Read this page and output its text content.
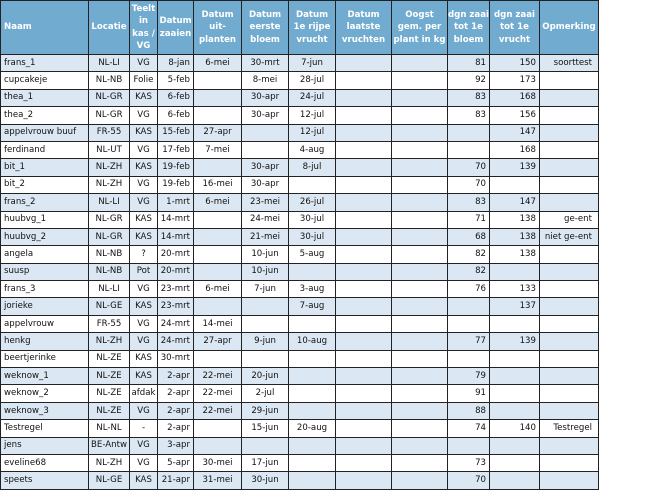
Naam	Locatie	Teelt in kas / VG	Datum zaaien	Datum uit-planten	Datum eerste bloem	Datum 1e rijpe vrucht	Datum laatste vruchten	Oogst gem. per plant in kg	dgn zaai tot 1e bloem	dgn zaai tot 1e vrucht	Opmerking
frans_1	NL-LI	VG	8-jan	6-mei	30-mrt	7-jun			81	150	soorttest
cupcakeje	NL-NB	Folie	5-feb		8-mei	28-jul			92	173	
thea_1	NL-GR	KAS	6-feb		30-apr	24-jul			83	168	
thea_2	NL-GR	VG	6-feb		30-apr	12-jul			83	156	
appelvrouw buuf	FR-55	KAS	15-feb	27-apr		12-jul				147	
ferdinand	NL-UT	VG	17-feb	7-mei		4-aug				168	
bit_1	NL-ZH	KAS	19-feb		30-apr	8-jul			70	139	
bit_2	NL-ZH	VG	19-feb	16-mei	30-apr				70		
frans_2	NL-LI	VG	1-mrt	6-mei	23-mei	26-jul			83	147	
huubvg_1	NL-GR	KAS	14-mrt		24-mei	30-jul			71	138	ge-ent
huubvg_2	NL-GR	KAS	14-mrt		21-mei	30-jul			68	138	niet ge-ent
angela	NL-NB	?	20-mrt		10-jun	5-aug			82	138	
suusp	NL-NB	Pot	20-mrt		10-jun				82		
frans_3	NL-LI	VG	23-mrt	6-mei	7-jun	3-aug			76	133	
jorieke	NL-GE	KAS	23-mrt			7-aug				137	
appelvrouw	FR-55	VG	24-mrt	14-mei							
henkg	NL-ZH	VG	24-mrt	27-apr	9-jun	10-aug			77	139	
beertjerinke	NL-ZE	KAS	30-mrt								
weknow_1	NL-ZE	KAS	2-apr	22-mei	20-jun				79		
weknow_2	NL-ZE	afdak	2-apr	22-mei	2-jul				91		
weknow_3	NL-ZE	VG	2-apr	22-mei	29-jun				88		
Testregel	NL-NL	-	2-apr		15-jun	20-aug			74	140	Testregel
jens	BE-Antw	VG	3-apr								
eveline68	NL-ZH	VG	5-apr	30-mei	17-jun				73		
speets	NL-GE	KAS	21-apr	31-mei	30-jun				70		
